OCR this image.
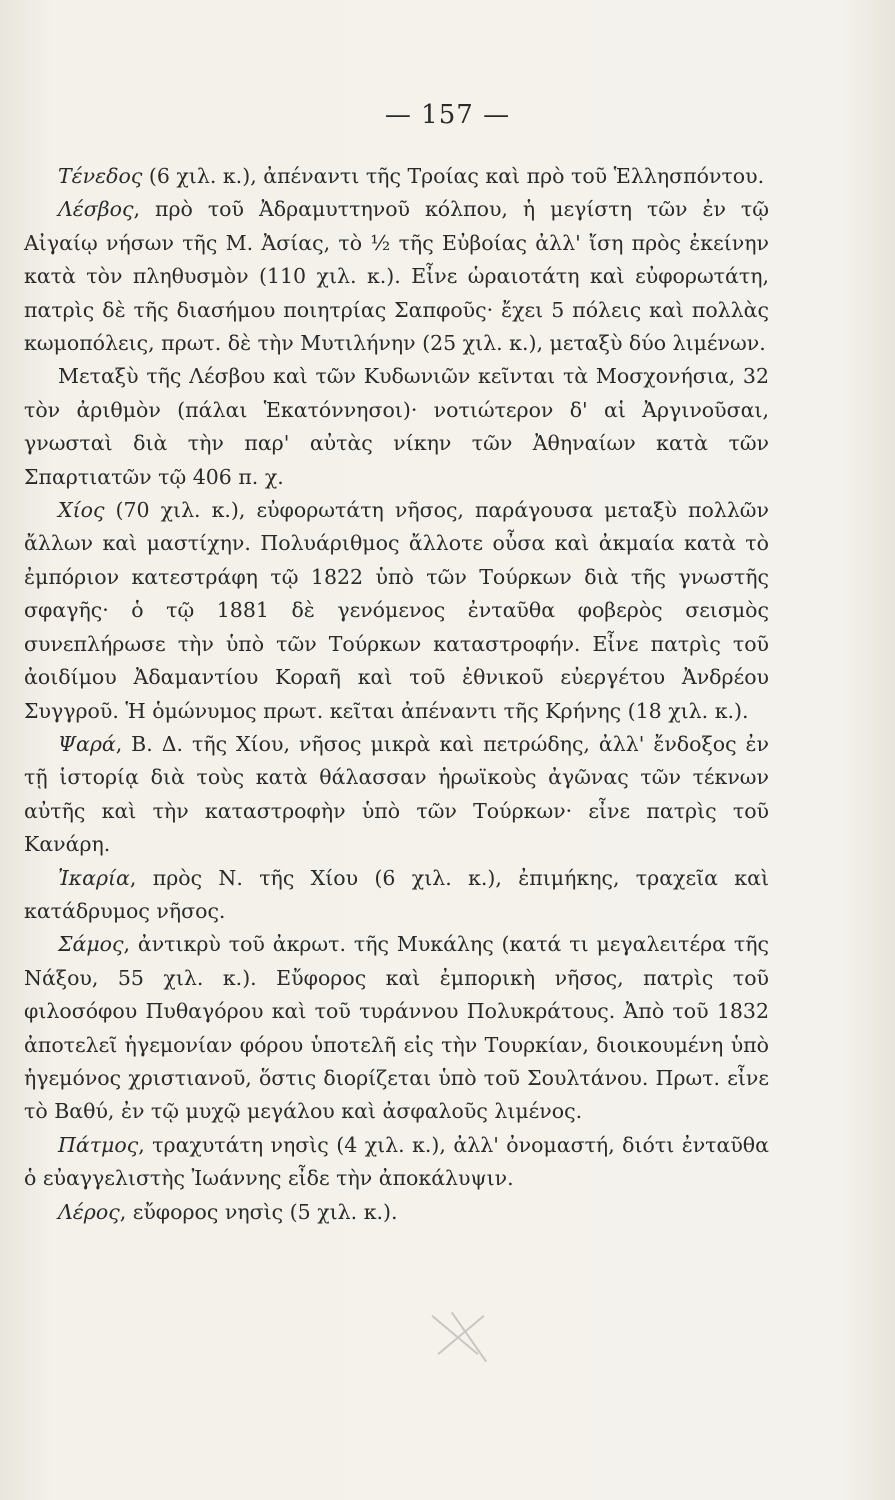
— 157 —

Τένεδος (6 χιλ. κ.), ἀπέναντι τῆς Τροίας καὶ πρὸ τοῦ Ἑλλησπόντου.

Λέσβος, πρὸ τοῦ Ἀδραμυττηνοῦ κόλπου, ἡ μεγίστη τῶν ἐν τῷ Αἰγαίῳ νήσων τῆς Μ. Ἀσίας, τὸ ½ τῆς Εὐβοίας ἀλλ' ἴση πρὸς ἐκείνην κατὰ τὸν πληθυσμὸν (110 χιλ. κ.). Εἶνε ὡραιοτάτη καὶ εὐφορωτάτη, πατρὶς δὲ τῆς διασήμου ποιητρίας Σαπφοῦς· ἔχει 5 πόλεις καὶ πολλὰς κωμοπόλεις, πρωτ. δὲ τὴν Μυτιλήνην (25 χιλ. κ.), μεταξὺ δύο λιμένων.

Μεταξὺ τῆς Λέσβου καὶ τῶν Κυδωνιῶν κεῖνται τὰ Μοσχονήσια, 32 τὸν ἀριθμὸν (πάλαι Ἑκατόννησοι)· νοτιώτερον δ' αἱ Ἀργινοῦσαι, γνωσταὶ διὰ τὴν παρ' αὐτὰς νίκην τῶν Ἀθηναίων κατὰ τῶν Σπαρτιατῶν τῷ 406 π. χ.

Χίος (70 χιλ. κ.), εὐφορωτάτη νῆσος, παράγουσα μεταξὺ πολλῶν ἄλλων καὶ μαστίχην. Πολυάριθμος ἄλλοτε οὖσα καὶ ἀκμαία κατὰ τὸ ἐμπόριον κατεστράφη τῷ 1822 ὑπὸ τῶν Τούρκων διὰ τῆς γνωστῆς σφαγῆς· ὁ τῷ 1881 δὲ γενόμενος ἐνταῦθα φοβερὸς σεισμὸς συνεπλήρωσε τὴν ὑπὸ τῶν Τούρκων καταστροφήν. Εἶνε πατρὶς τοῦ ἀοιδίμου Ἀδαμαντίου Κοραῆ καὶ τοῦ ἐθνικοῦ εὐεργέτου Ἀνδρέου Συγγροῦ. Ἡ ὁμώνυμος πρωτ. κεῖται ἀπέναντι τῆς Κρήνης (18 χιλ. κ.).

Ψαρά, Β. Δ. τῆς Χίου, νῆσος μικρὰ καὶ πετρώδης, ἀλλ' ἔνδοξος ἐν τῇ ἱστορίᾳ διὰ τοὺς κατὰ θάλασσαν ἡρωϊκοὺς ἀγῶνας τῶν τέκνων αὐτῆς καὶ τὴν καταστροφὴν ὑπὸ τῶν Τούρκων· εἶνε πατρὶς τοῦ Κανάρη.

Ἰκαρία, πρὸς Ν. τῆς Χίου (6 χιλ. κ.), ἐπιμήκης, τραχεῖα καὶ κατάδρυμος νῆσος.

Σάμος, ἀντικρὺ τοῦ ἀκρωτ. τῆς Μυκάλης (κατά τι μεγαλειτέρα τῆς Νάξου, 55 χιλ. κ.). Εὔφορος καὶ ἐμπορικὴ νῆσος, πατρὶς τοῦ φιλοσόφου Πυθαγόρου καὶ τοῦ τυράννου Πολυκράτους. Ἀπὸ τοῦ 1832 ἀποτελεῖ ἡγεμονίαν φόρου ὑποτελῆ εἰς τὴν Τουρκίαν, διοικουμένη ὑπὸ ἡγεμόνος χριστιανοῦ, ὅστις διορίζεται ὑπὸ τοῦ Σουλτάνου. Πρωτ. εἶνε τὸ Βαθύ, ἐν τῷ μυχῷ μεγάλου καὶ ἀσφαλοῦς λιμένος.

Πάτμος, τραχυτάτη νησὶς (4 χιλ. κ.), ἀλλ' ὀνομαστή, διότι ἐνταῦθα ὁ εὐαγγελιστὴς Ἰωάννης εἶδε τὴν ἀποκάλυψιν.

Λέρος, εὔφορος νησὶς (5 χιλ. κ.).
